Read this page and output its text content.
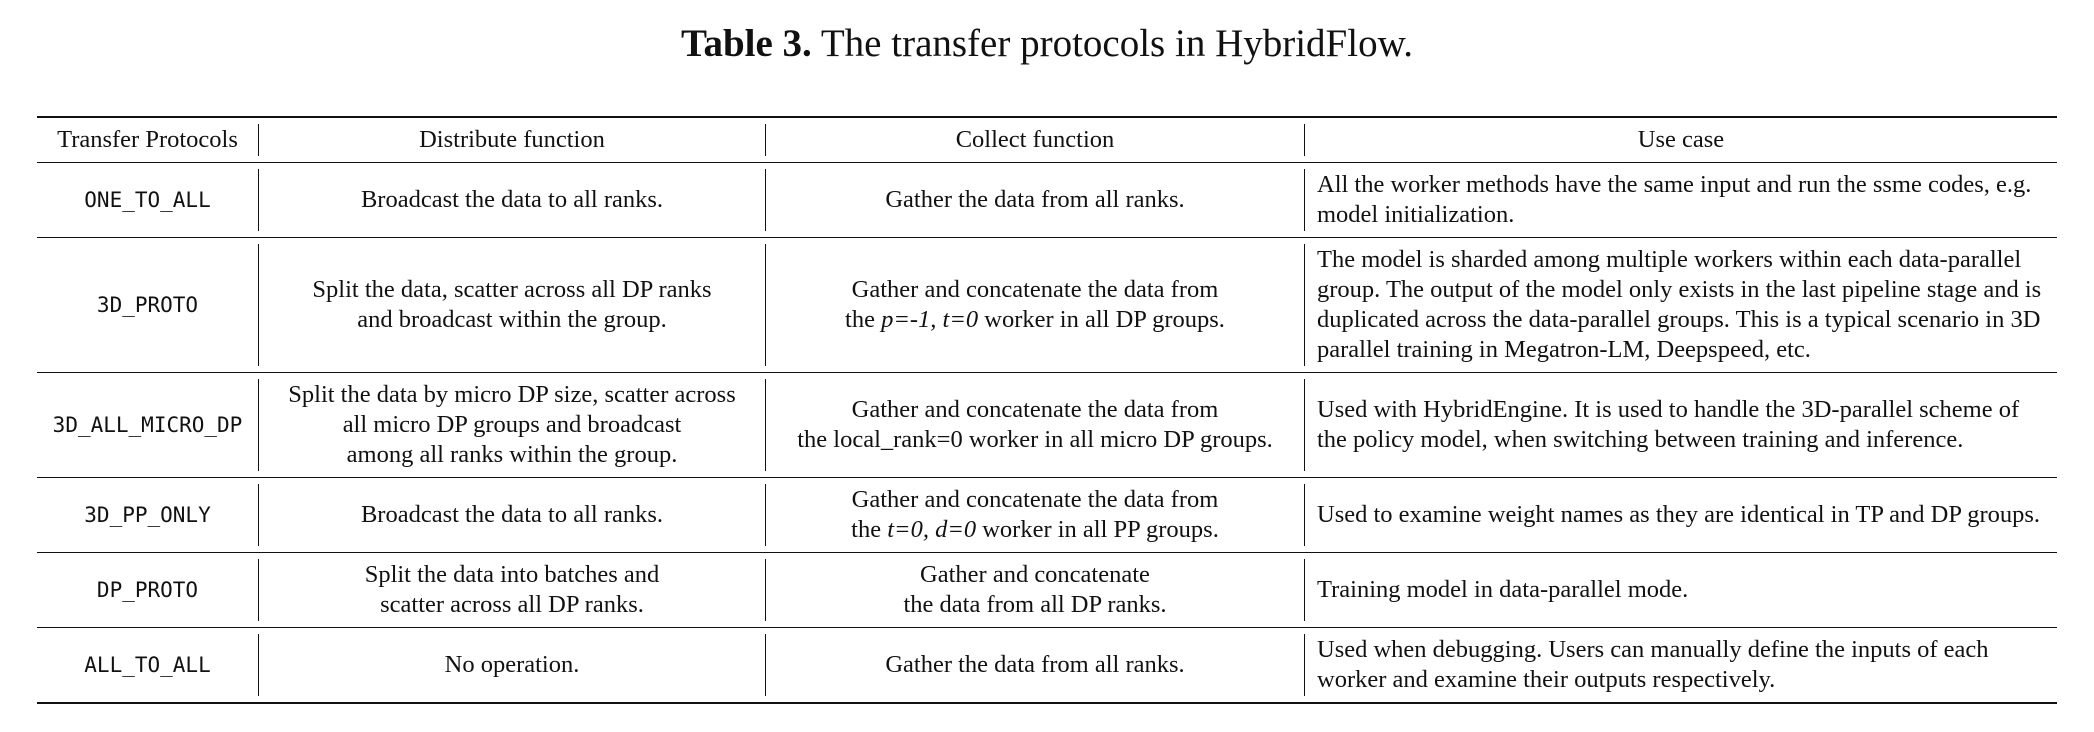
Table 3. The transfer protocols in HybridFlow.
Transfer Protocols	Distribute function	Collect function	Use case

ONE_TO_ALL	Broadcast the data to all ranks.	Gather the data from all ranks.	All the worker methods have the same input and run the ssme codes, e.g. model initialization.

3D_PROTO	Split the data, scatter across all DP ranks
and broadcast within the group.	Gather and concatenate the data from
the p=-1, t=0 worker in all DP groups.	The model is sharded among multiple workers within each data-parallel group. The output of the model only exists in the last pipeline stage and is duplicated across the data-parallel groups. This is a typical scenario in 3D parallel training in Megatron-LM, Deepspeed, etc.

3D_ALL_MICRO_DP	Split the data by micro DP size, scatter across
all micro DP groups and broadcast
among all ranks within the group.	Gather and concatenate the data from
the local_rank=0 worker in all micro DP groups.	Used with HybridEngine. It is used to handle the 3D-parallel scheme of the policy model, when switching between training and inference.

3D_PP_ONLY	Broadcast the data to all ranks.	Gather and concatenate the data from
the t=0, d=0 worker in all PP groups.	Used to examine weight names as they are identical in TP and DP groups.

DP_PROTO	Split the data into batches and
scatter across all DP ranks.	Gather and concatenate
the data from all DP ranks.	Training model in data-parallel mode.

ALL_TO_ALL	No operation.	Gather the data from all ranks.	Used when debugging. Users can manually define the inputs of each worker and examine their outputs respectively.
